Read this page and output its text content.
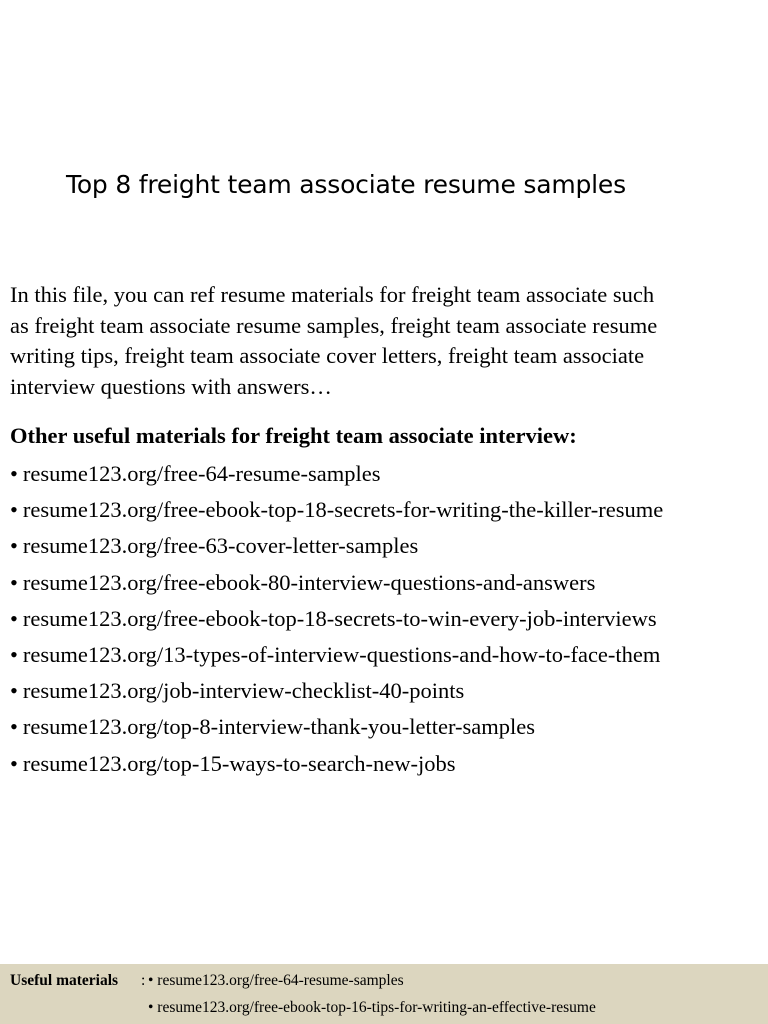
Top 8 freight team associate resume samples
In this file, you can ref resume materials for freight team associate such
as freight team associate resume samples, freight team associate resume
writing tips, freight team associate cover letters, freight team associate
interview questions with answers…
Other useful materials for freight team associate interview:
• resume123.org/free-64-resume-samples
• resume123.org/free-ebook-top-18-secrets-for-writing-the-killer-resume
• resume123.org/free-63-cover-letter-samples
• resume123.org/free-ebook-80-interview-questions-and-answers
• resume123.org/free-ebook-top-18-secrets-to-win-every-job-interviews
• resume123.org/13-types-of-interview-questions-and-how-to-face-them
• resume123.org/job-interview-checklist-40-points
• resume123.org/top-8-interview-thank-you-letter-samples
• resume123.org/top-15-ways-to-search-new-jobs
Useful materials : • resume123.org/free-64-resume-samples
• resume123.org/free-ebook-top-16-tips-for-writing-an-effective-resume
